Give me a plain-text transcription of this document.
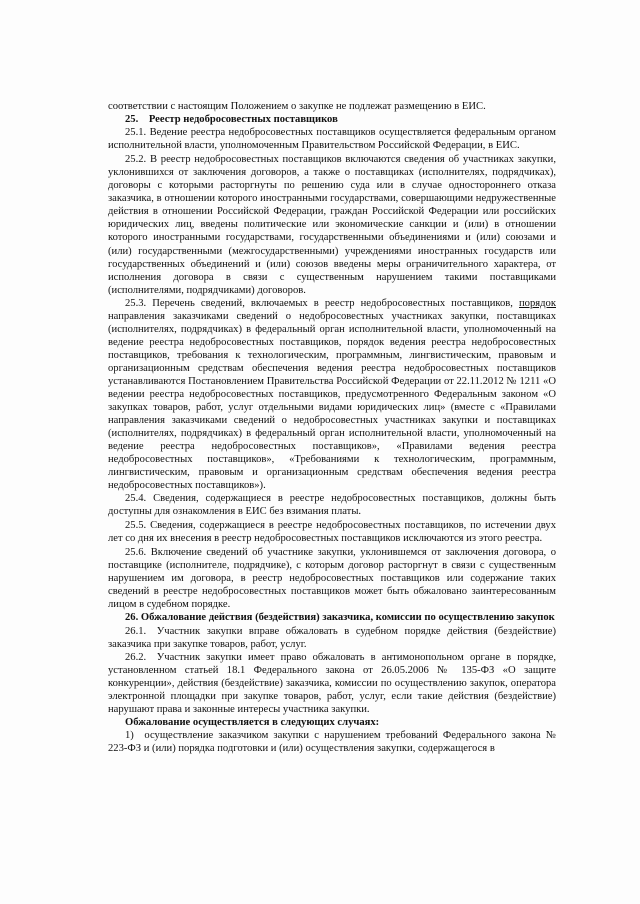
соответствии с настоящим Положением о закупке не подлежат размещению в ЕИС.

25. Реестр недобросовестных поставщиков

25.1. Ведение реестра недобросовестных поставщиков осуществляется федеральным органом исполнительной власти, уполномоченным Правительством Российской Федерации, в ЕИС.

25.2. В реестр недобросовестных поставщиков включаются сведения об участниках закупки, уклонившихся от заключения договоров, а также о поставщиках (исполнителях, подрядчиках), договоры с которыми расторгнуты по решению суда или в случае одностороннего отказа заказчика, в отношении которого иностранными государствами, совершающими недружественные действия в отношении Российской Федерации, граждан Российской Федерации или российских юридических лиц, введены политические или экономические санкции и (или) в отношении которого иностранными государствами, государственными объединениями и (или) союзами и (или) государственными (межгосударственными) учреждениями иностранных государств или государственных объединений и (или) союзов введены меры ограничительного характера, от исполнения договора в связи с существенным нарушением такими поставщиками (исполнителями, подрядчиками) договоров.

25.3. Перечень сведений, включаемых в реестр недобросовестных поставщиков, порядок направления заказчиками сведений о недобросовестных участниках закупки, поставщиках (исполнителях, подрядчиках) в федеральный орган исполнительной власти, уполномоченный на ведение реестра недобросовестных поставщиков, порядок ведения реестра недобросовестных поставщиков, требования к технологическим, программным, лингвистическим, правовым и организационным средствам обеспечения ведения реестра недобросовестных поставщиков устанавливаются Постановлением Правительства Российской Федерации от 22.11.2012 № 1211 «О ведении реестра недобросовестных поставщиков, предусмотренного Федеральным законом «О закупках товаров, работ, услуг отдельными видами юридических лиц» (вместе с «Правилами направления заказчиками сведений о недобросовестных участниках закупки и поставщиках (исполнителях, подрядчиках) в федеральный орган исполнительной власти, уполномоченный на ведение реестра недобросовестных поставщиков», «Правилами ведения реестра недобросовестных поставщиков», «Требованиями к технологическим, программным, лингвистическим, правовым и организационным средствам обеспечения ведения реестра недобросовестных поставщиков»).

25.4. Сведения, содержащиеся в реестре недобросовестных поставщиков, должны быть доступны для ознакомления в ЕИС без взимания платы.

25.5. Сведения, содержащиеся в реестре недобросовестных поставщиков, по истечении двух лет со дня их внесения в реестр недобросовестных поставщиков исключаются из этого реестра.

25.6. Включение сведений об участнике закупки, уклонившемся от заключения договора, о поставщике (исполнителе, подрядчике), с которым договор расторгнут в связи с существенным нарушением им договора, в реестр недобросовестных поставщиков или содержание таких сведений в реестре недобросовестных поставщиков может быть обжаловано заинтересованным лицом в судебном порядке.

26. Обжалование действия (бездействия) заказчика, комиссии по осуществлению закупок

26.1. Участник закупки вправе обжаловать в судебном порядке действия (бездействие) заказчика при закупке товаров, работ, услуг.

26.2. Участник закупки имеет право обжаловать в антимонопольном органе в порядке, установленном статьей 18.1 Федерального закона от 26.05.2006 № 135-ФЗ «О защите конкуренции», действия (бездействие) заказчика, комиссии по осуществлению закупок, оператора электронной площадки при закупке товаров, работ, услуг, если такие действия (бездействие) нарушают права и законные интересы участника закупки.

Обжалование осуществляется в следующих случаях:

1) осуществление заказчиком закупки с нарушением требований Федерального закона № 223-ФЗ и (или) порядка подготовки и (или) осуществления закупки, содержащегося в
